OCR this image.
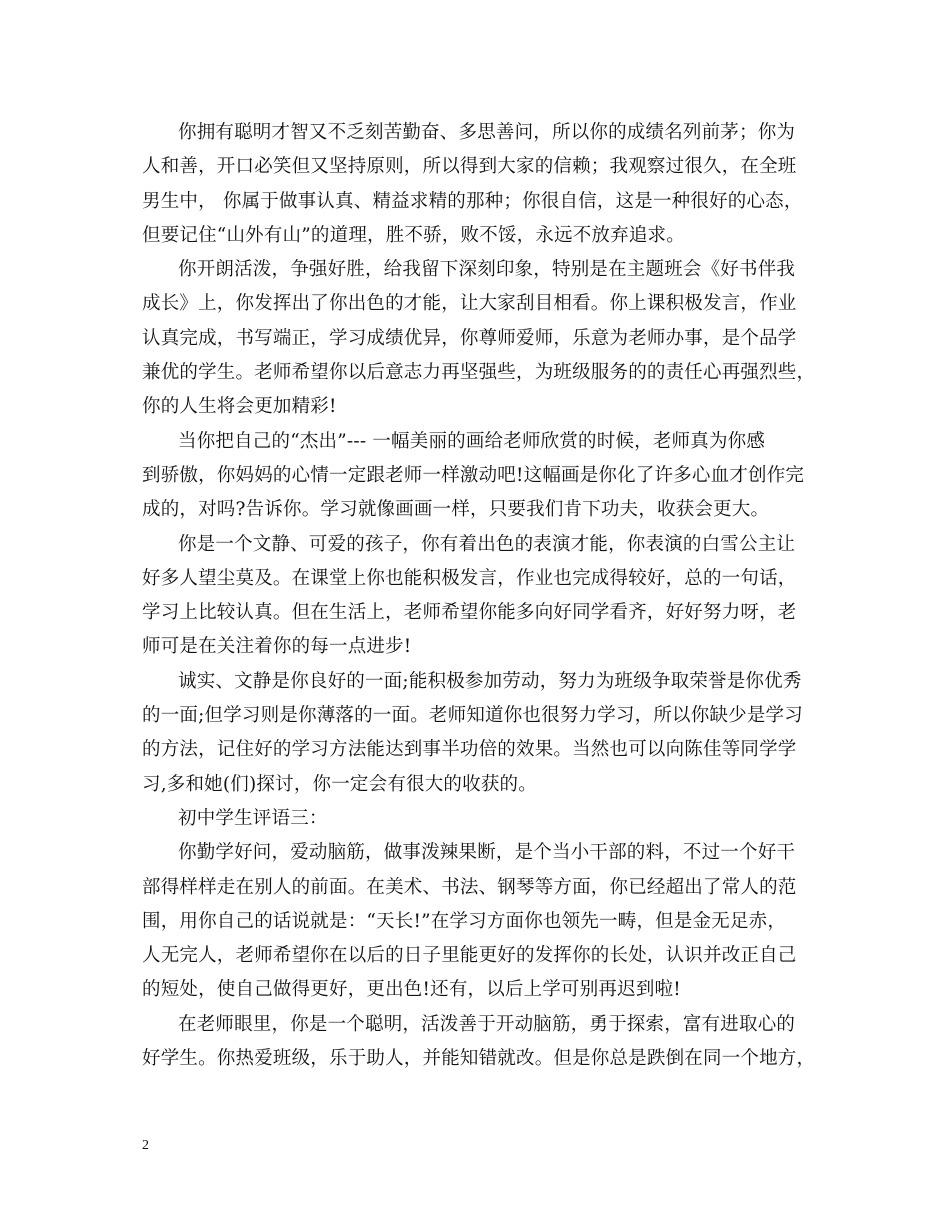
你拥有聪明才智又不乏刻苦勤奋、多思善问，所以你的成绩名列前茅；你为
人和善，开口必笑但又坚持原则，所以得到大家的信赖；我观察过很久，在全班
男生中， 你属于做事认真、精益求精的那种；你很自信，这是一种很好的心态，
但要记住“山外有山”的道理，胜不骄，败不馁，永远不放弃追求。
你开朗活泼，争强好胜，给我留下深刻印象，特别是在主题班会《好书伴我
成长》上，你发挥出了你出色的才能，让大家刮目相看。你上课积极发言，作业
认真完成，书写端正，学习成绩优异，你尊师爱师，乐意为老师办事，是个品学
兼优的学生。老师希望你以后意志力再坚强些，为班级服务的的责任心再强烈些，
你的人生将会更加精彩!
当你把自己的“杰出”--- 一幅美丽的画给老师欣赏的时候，老师真为你感
到骄傲，你妈妈的心情一定跟老师一样激动吧!这幅画是你化了许多心血才创作完
成的，对吗?告诉你。学习就像画画一样，只要我们肯下功夫，收获会更大。
你是一个文静、可爱的孩子，你有着出色的表演才能，你表演的白雪公主让
好多人望尘莫及。在课堂上你也能积极发言，作业也完成得较好，总的一句话，
学习上比较认真。但在生活上，老师希望你能多向好同学看齐，好好努力呀，老
师可是在关注着你的每一点进步!
诚实、文静是你良好的一面;能积极参加劳动，努力为班级争取荣誉是你优秀
的一面;但学习则是你薄落的一面。老师知道你也很努力学习，所以你缺少是学习
的方法，记住好的学习方法能达到事半功倍的效果。当然也可以向陈佳等同学学
习,多和她(们)探讨，你一定会有很大的收获的。
初中学生评语三：
你勤学好问，爱动脑筋，做事泼辣果断，是个当小干部的料，不过一个好干
部得样样走在别人的前面。在美术、书法、钢琴等方面，你已经超出了常人的范
围，用你自己的话说就是：“天长!”在学习方面你也领先一畴，但是金无足赤，
人无完人，老师希望你在以后的日子里能更好的发挥你的长处，认识并改正自己
的短处，使自己做得更好，更出色!还有，以后上学可别再迟到啦!
在老师眼里，你是一个聪明，活泼善于开动脑筋，勇于探索，富有进取心的
好学生。你热爱班级，乐于助人，并能知错就改。但是你总是跌倒在同一个地方，
2
